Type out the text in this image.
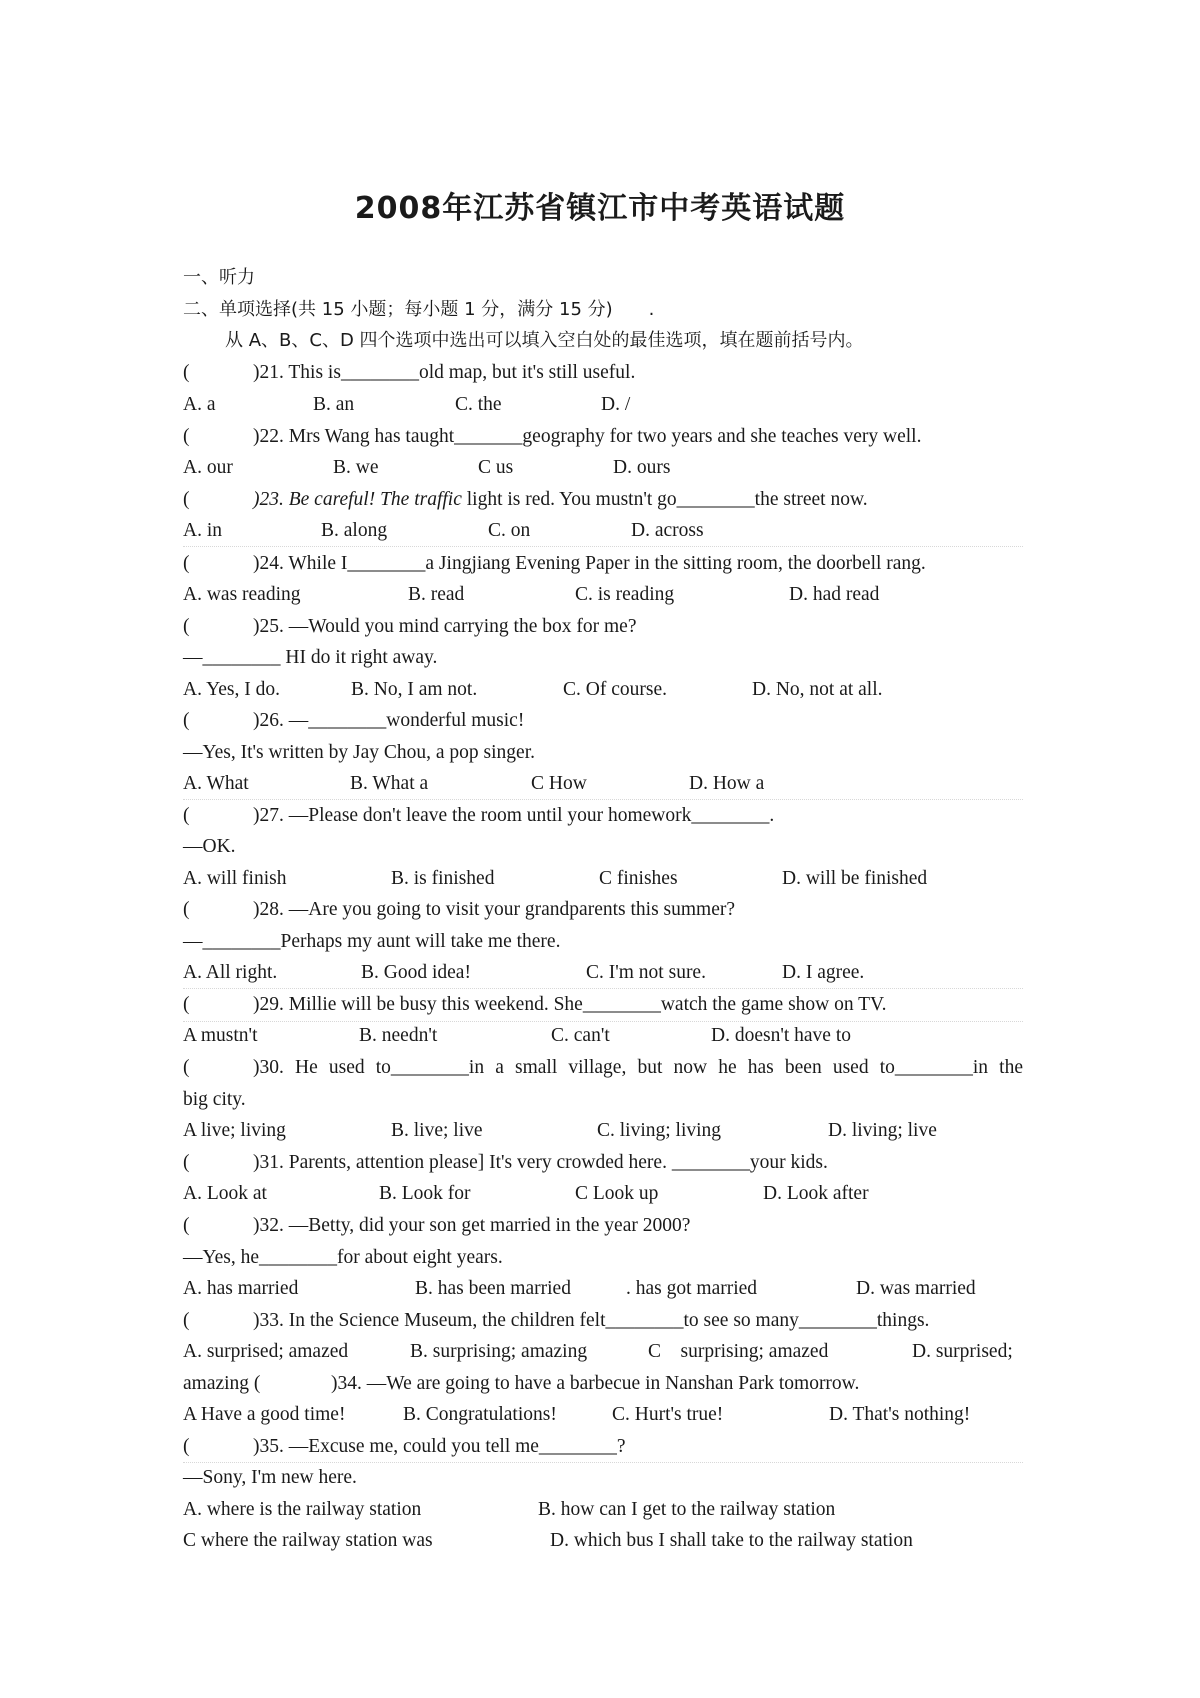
2008年江苏省镇江市中考英语试题
一、听力
二、单项选择(共 15 小题；每小题 1 分，满分 15 分)　　.
从 A、B、C、D 四个选项中选出可以填入空白处的最佳选项，填在题前括号内。
(	)21. This is________old map, but it's still useful.
A. a	B. an	C. the	D. /
(	)22. Mrs Wang has taught_______geography for two years and she teaches very well.
A. our	B. we	C us	D. ours
(	)23. Be careful! The traffic light is red. You mustn't go________the street now.
A. in	B. along	C. on	D. across
(	)24. While I________a Jingjiang Evening Paper in the sitting room, the doorbell rang.
A. was reading	B. read	C. is reading	D. had read
(	)25. —Would you mind carrying the box for me?
—________ HI do it right away.
A. Yes, I do.	B. No, I am not.	C. Of course.	D. No, not at all.
(	)26. —________wonderful music!
—Yes, It's written by Jay Chou, a pop singer.
A. What	B. What a	C How	D. How a
(	)27. —Please don't leave the room until your homework________.
—OK.
A. will finish	B. is finished	C finishes	D. will be finished
(	)28. —Are you going to visit your grandparents this summer?
—________Perhaps my aunt will take me there.
A. All right.	B. Good idea!	C. I'm not sure.	D. I agree.
(	)29. Millie will be busy this weekend. She________watch the game show on TV.
A mustn't	B. needn't	C. can't	D. doesn't have to
(	)30. He used to________in a small village, but now he has been used to________in the
big city.
A live; living	B. live; live	C. living; living	D. living; live
(	)31. Parents, attention please] It's very crowded here. ________your kids.
A. Look at	B. Look for	C Look up	D. Look after
(	)32. —Betty, did your son get married in the year 2000?
—Yes, he________for about eight years.
A. has married	B. has been married	. has got married	D. was married
(	)33. In the Science Museum, the children felt________to see so many________things.
A. surprised; amazed	B. surprising; amazing	C　surprising; amazed	D. surprised;
amazing (	)34. —We are going to have a barbecue in Nanshan Park tomorrow.
A Have a good time!	B. Congratulations!	C. Hurt's true!	D. That's nothing!
(	)35. —Excuse me, could you tell me________?
—Sony, I'm new here.
A. where is the railway station	B. how can I get to the railway station
C where the railway station was	D. which bus I shall take to the railway station
